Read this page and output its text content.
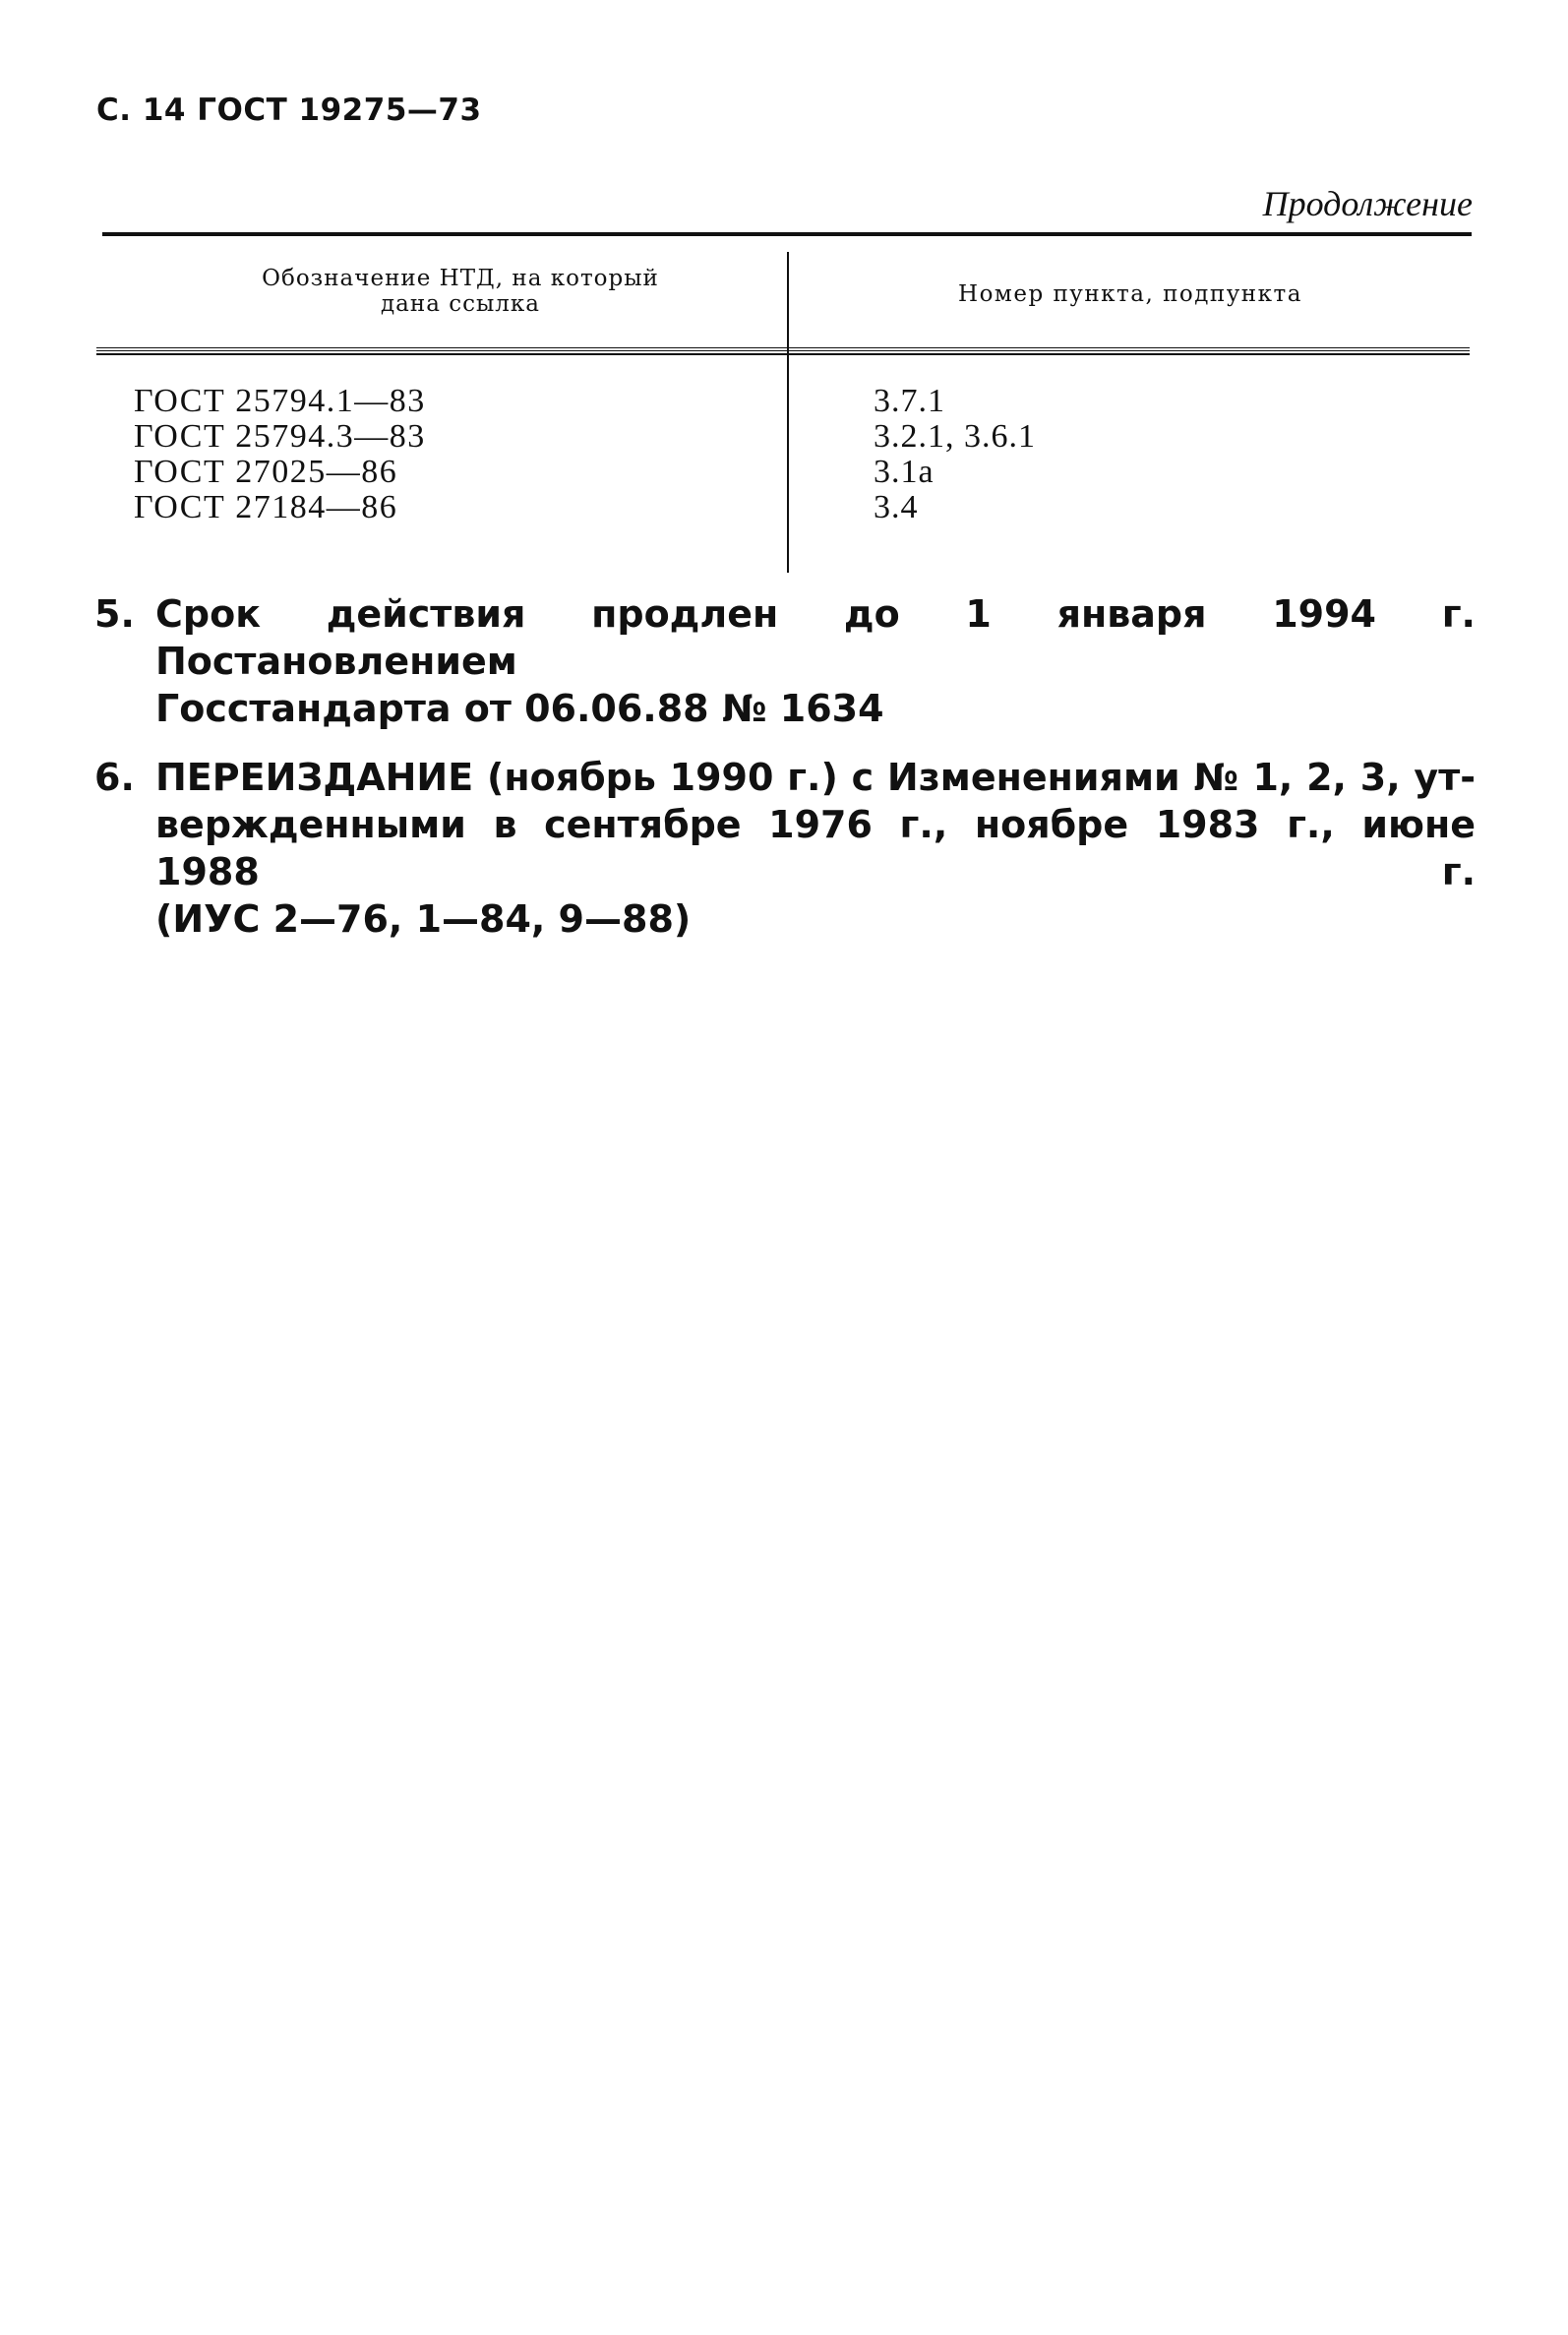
С. 14 ГОСТ 19275—73
Продолжение
Обозначение НТД, на который
дана ссылка	Номер пункта, подпункта
ГОСТ 25794.1—83	3.7.1
ГОСТ 25794.3—83	3.2.1, 3.6.1
ГОСТ 27025—86	3.1а
ГОСТ 27184—86	3.4
5. Срок действия продлен до 1 января 1994 г. Постановлением
Госстандарта от 06.06.88 № 1634
6. ПЕРЕИЗДАНИЕ (ноябрь 1990 г.) с Изменениями № 1, 2, 3, ут-
вержденными в сентябре 1976 г., ноябре 1983 г., июне 1988 г.
(ИУС 2—76, 1—84, 9—88)
